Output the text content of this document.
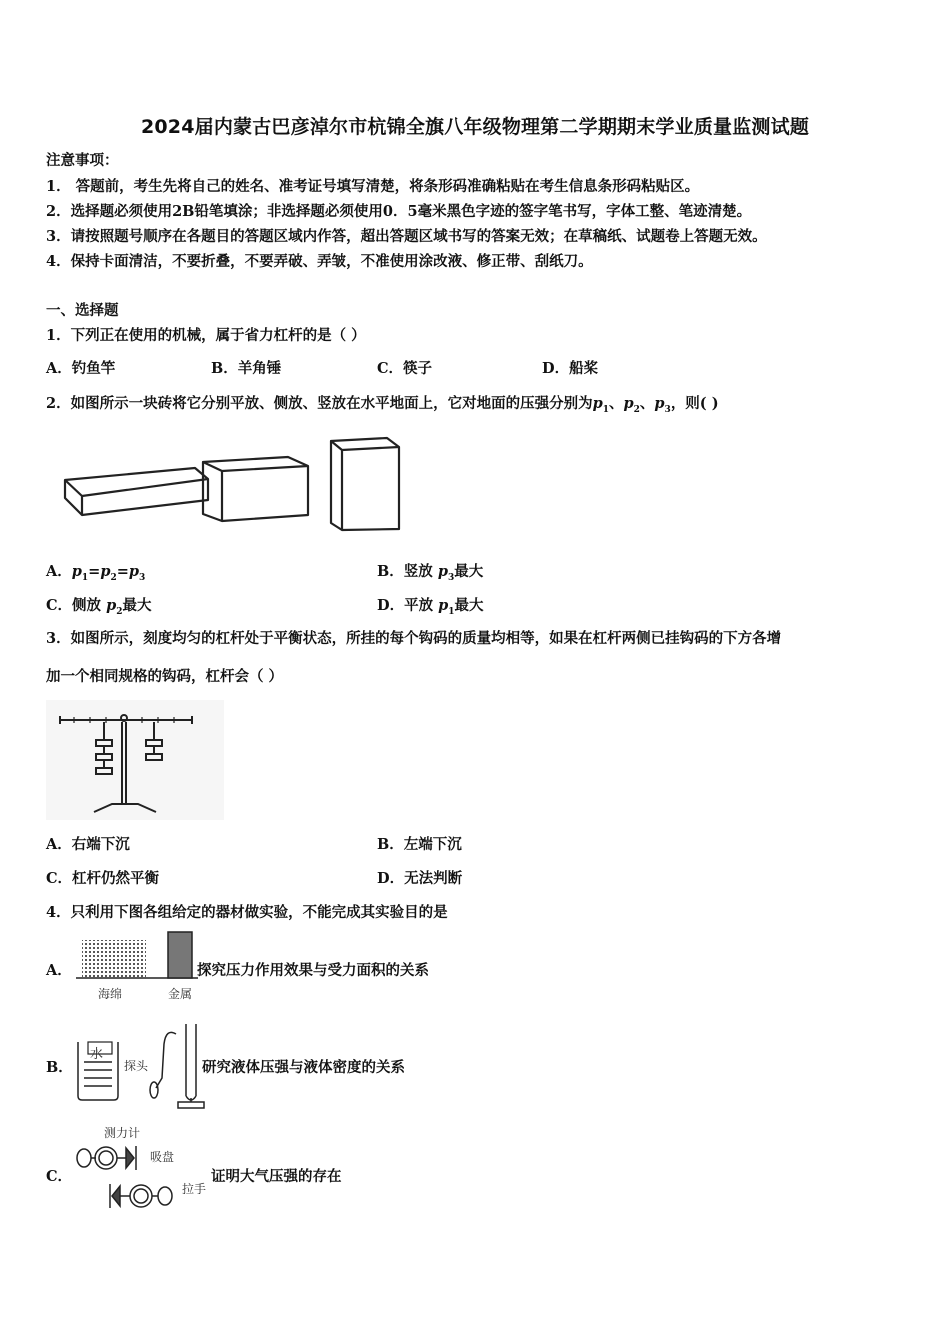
2024届内蒙古巴彦淖尔市杭锦全旗八年级物理第二学期期末学业质量监测试题
注意事项：
1． 答题前，考生先将自己的姓名、准考证号填写清楚，将条形码准确粘贴在考生信息条形码粘贴区。
2．选择题必须使用2B铅笔填涂；非选择题必须使用0．5毫米黑色字迹的签字笔书写，字体工整、笔迹清楚。
3．请按照题号顺序在各题目的答题区域内作答，超出答题区域书写的答案无效；在草稿纸、试题卷上答题无效。
4．保持卡面清洁，不要折叠，不要弄破、弄皱，不准使用涂改液、修正带、刮纸刀。
一、选择题
1．下列正在使用的机械，属于省力杠杆的是（ ）
A．钓鱼竿	B．羊角锤	C．筷子	D．船桨
2．如图所示一块砖将它分别平放、侧放、竖放在水平地面上，它对地面的压强分别为$p_1$、$p_2$、$p_3$，则( )
A．$p_1=p_2=p_3$	B．竖放 $p_3$最大
C．侧放 $p_2$最大	D．平放 $p_1$最大
3．如图所示，刻度均匀的杠杆处于平衡状态，所挂的每个钩码的质量均相等，如果在杠杆两侧已挂钩码的下方各增
加一个相同规格的钩码，杠杆会（ ）
A．右端下沉	B．左端下沉
C．杠杆仍然平衡	D．无法判断
4．只利用下图各组给定的器材做实验，不能完成其实验目的是
A．
海绵	金属
探究压力作用效果与受力面积的关系
B．
水
探头	研究液体压强与液体密度的关系
C．
测力计
吸盘
拉手
证明大气压强的存在
